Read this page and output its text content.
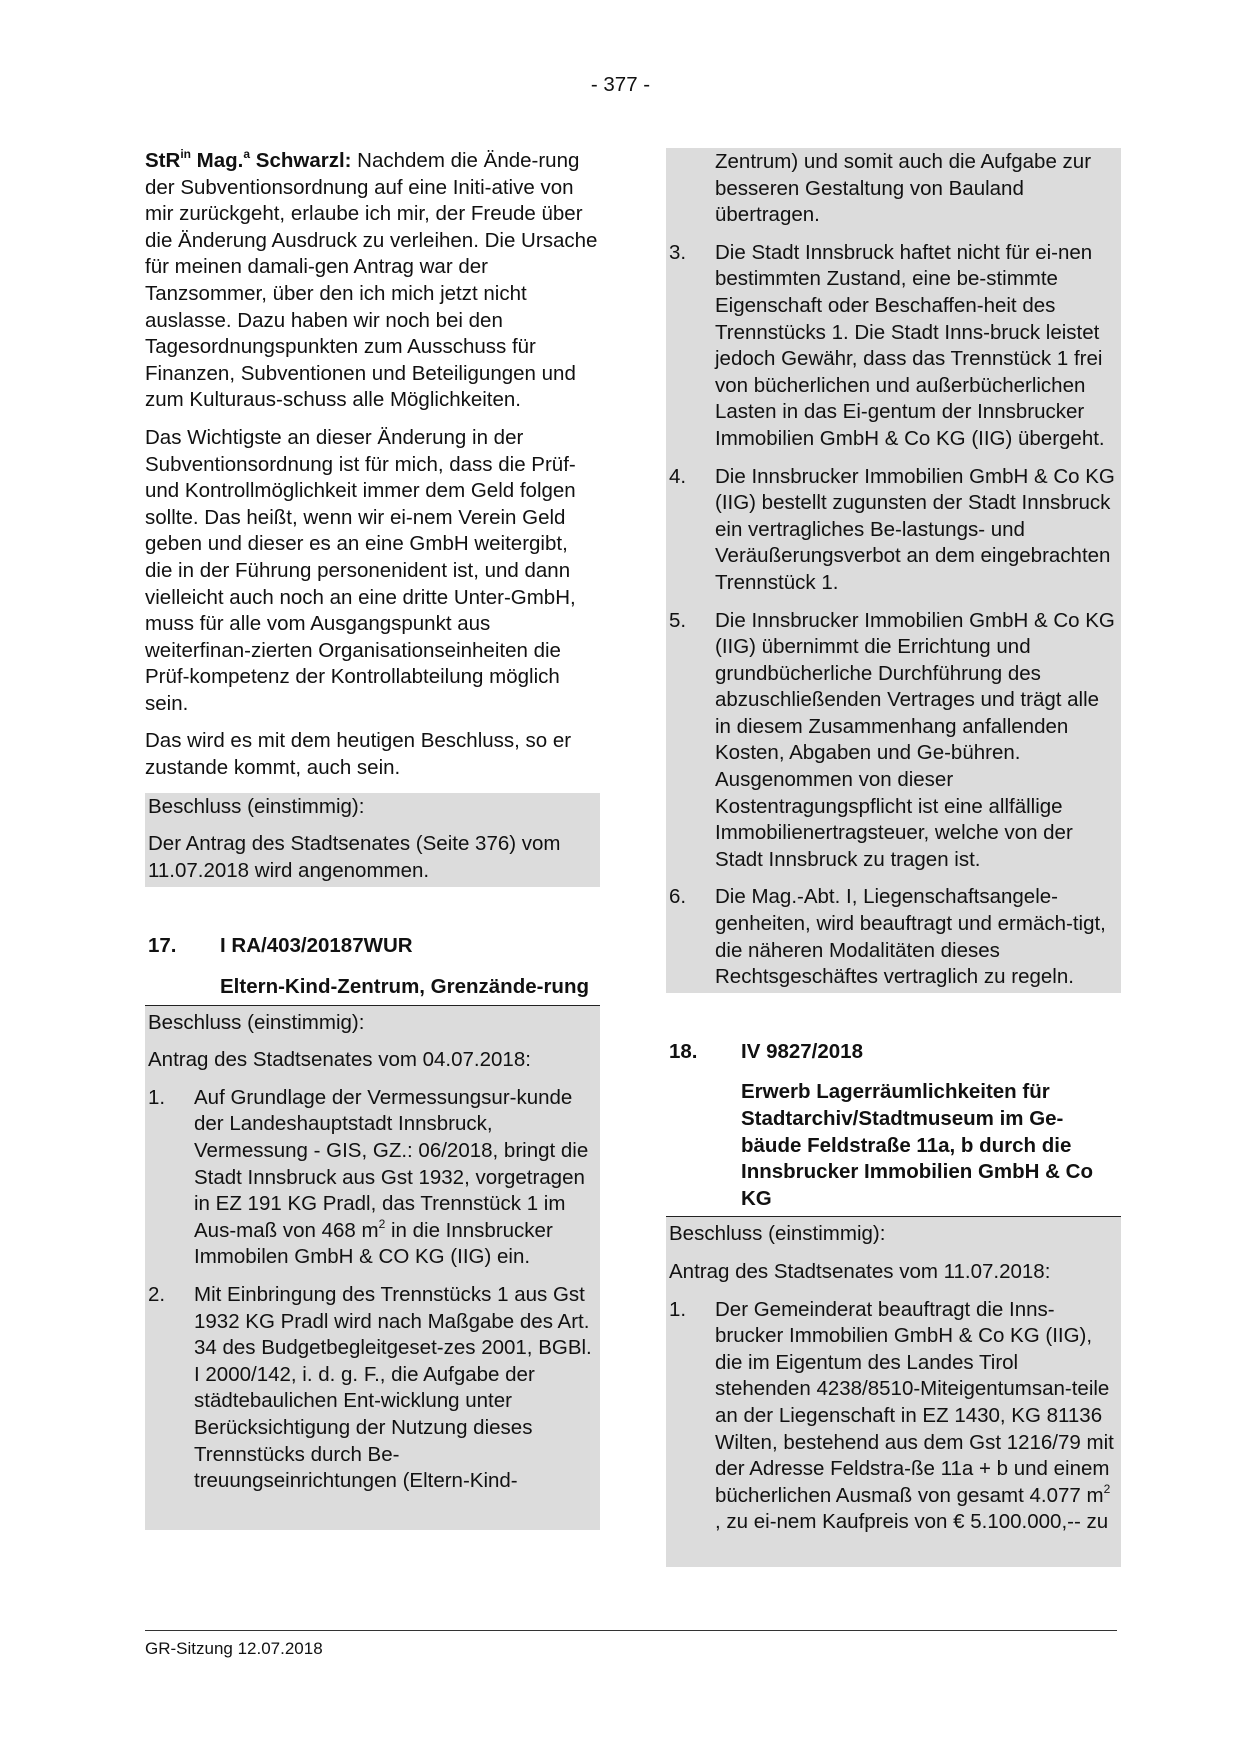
- 377 -

StR$^{in}$ Mag.$^a$ Schwarzl: Nachdem die Ände-rung der Subventionsordnung auf eine Initi-ative von mir zurückgeht, erlaube ich mir, der Freude über die Änderung Ausdruck zu verleihen. Die Ursache für meinen damali-gen Antrag war der Tanzsommer, über den ich mich jetzt nicht auslasse. Dazu haben wir noch bei den Tagesordnungspunkten zum Ausschuss für Finanzen, Subventionen und Beteiligungen und zum Kulturaus-schuss alle Möglichkeiten.

Das Wichtigste an dieser Änderung in der Subventionsordnung ist für mich, dass die Prüf- und Kontrollmöglichkeit immer dem Geld folgen sollte. Das heißt, wenn wir ei-nem Verein Geld geben und dieser es an eine GmbH weitergibt, die in der Führung personenident ist, und dann vielleicht auch noch an eine dritte Unter-GmbH, muss für alle vom Ausgangspunkt aus weiterfinan-zierten Organisationseinheiten die Prüf-kompetenz der Kontrollabteilung möglich sein.

Das wird es mit dem heutigen Beschluss, so er zustande kommt, auch sein.

Beschluss (einstimmig):

Der Antrag des Stadtsenates (Seite 376) vom 11.07.2018 wird angenommen.

17.	I RA/403/20187WUR
Eltern-Kind-Zentrum, Grenzände-rung

Beschluss (einstimmig):

Antrag des Stadtsenates vom 04.07.2018:

1. Auf Grundlage der Vermessungsur-kunde der Landeshauptstadt Innsbruck, Vermessung - GIS, GZ.: 06/2018, bringt die Stadt Innsbruck aus Gst 1932, vorgetragen in EZ 191 KG Pradl, das Trennstück 1 im Aus-maß von 468 $m^2$ in die Innsbrucker Immobilen GmbH & CO KG (IIG) ein.
2. Mit Einbringung des Trennstücks 1 aus Gst 1932 KG Pradl wird nach Maßgabe des Art. 34 des Budgetbegleitgeset-zes 2001, BGBl. I 2000/142, i. d. g. F., die Aufgabe der städtebaulichen Ent-wicklung unter Berücksichtigung der Nutzung dieses Trennstücks durch Be-treuungseinrichtungen (Eltern-Kind-
Zentrum) und somit auch die Aufgabe zur besseren Gestaltung von Bauland übertragen.
3. Die Stadt Innsbruck haftet nicht für ei-nen bestimmten Zustand, eine be-stimmte Eigenschaft oder Beschaffen-heit des Trennstücks 1. Die Stadt Inns-bruck leistet jedoch Gewähr, dass das Trennstück 1 frei von bücherlichen und außerbücherlichen Lasten in das Ei-gentum der Innsbrucker Immobilien GmbH & Co KG (IIG) übergeht.
4. Die Innsbrucker Immobilien GmbH & Co KG (IIG) bestellt zugunsten der Stadt Innsbruck ein vertragliches Be-lastungs- und Veräußerungsverbot an dem eingebrachten Trennstück 1.
5. Die Innsbrucker Immobilien GmbH & Co KG (IIG) übernimmt die Errichtung und grundbücherliche Durchführung des abzuschließenden Vertrages und trägt alle in diesem Zusammenhang anfallenden Kosten, Abgaben und Ge-bühren. Ausgenommen von dieser Kostentragungspflicht ist eine allfällige Immobilienertragsteuer, welche von der Stadt Innsbruck zu tragen ist.
6. Die Mag.-Abt. I, Liegenschaftsangele-genheiten, wird beauftragt und ermäch-tigt, die näheren Modalitäten dieses Rechtsgeschäftes vertraglich zu regeln.
18.	IV 9827/2018
Erwerb Lagerräumlichkeiten für Stadtarchiv/Stadtmuseum im Ge-bäude Feldstraße 11a, b durch die Innsbrucker Immobilien GmbH & Co KG

Beschluss (einstimmig):

Antrag des Stadtsenates vom 11.07.2018:

1. Der Gemeinderat beauftragt die Inns-brucker Immobilien GmbH & Co KG (IIG), die im Eigentum des Landes Tirol stehenden 4238/8510-Miteigentumsan-teile an der Liegenschaft in EZ 1430, KG 81136 Wilten, bestehend aus dem Gst 1216/79 mit der Adresse Feldstra-ße 11a + b und einem bücherlichen Ausmaß von gesamt 4.077 $m^2$ , zu ei-nem Kaufpreis von € 5.100.000,-- zu
GR-Sitzung 12.07.2018
